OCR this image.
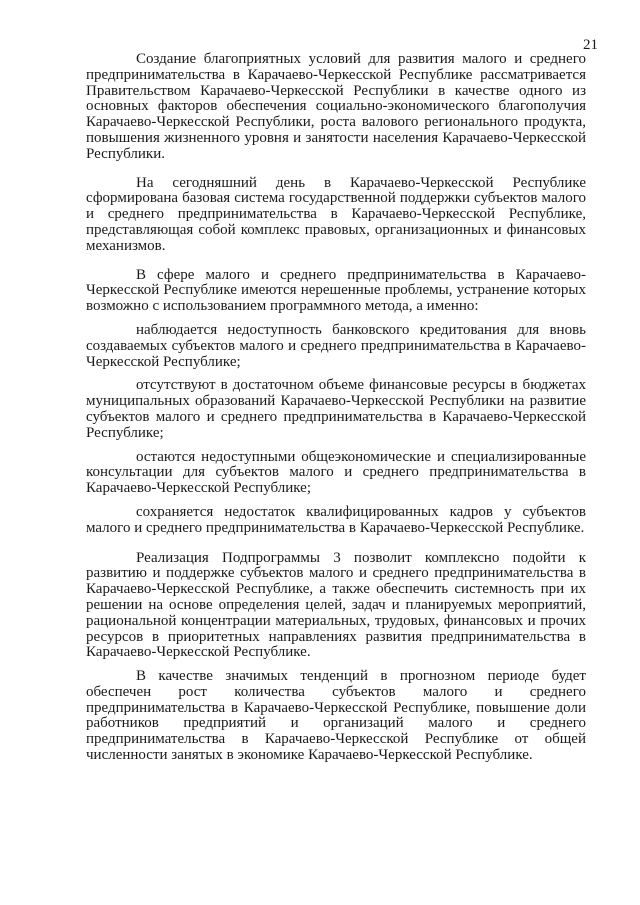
21

Создание благоприятных условий для развития малого и среднего предпринимательства в Карачаево-Черкесской Республике рассматривается Правительством Карачаево-Черкесской Республики в качестве одного из основных факторов обеспечения социально-экономического благополучия Карачаево-Черкесской Республики, роста валового регионального продукта, повышения жизненного уровня и занятости населения Карачаево-Черкесской Республики.

На сегодняшний день в Карачаево-Черкесской Республике сформирована базовая система государственной поддержки субъектов малого и среднего предпринимательства в Карачаево-Черкесской Республике, представляющая собой комплекс правовых, организационных и финансовых механизмов.

В сфере малого и среднего предпринимательства в Карачаево-Черкесской Республике имеются нерешенные проблемы, устранение которых возможно с использованием программного метода, а именно:

наблюдается недоступность банковского кредитования для вновь создаваемых субъектов малого и среднего предпринимательства в Карачаево-Черкесской Республике;

отсутствуют в достаточном объеме финансовые ресурсы в бюджетах муниципальных образований Карачаево-Черкесской Республики на развитие субъектов малого и среднего предпринимательства в Карачаево-Черкесской Республике;

остаются недоступными общеэкономические и специализированные консультации для субъектов малого и среднего предпринимательства в Карачаево-Черкесской Республике;

сохраняется недостаток квалифицированных кадров у субъектов малого и среднего предпринимательства в Карачаево-Черкесской Республике.

Реализация Подпрограммы 3 позволит комплексно подойти к развитию и поддержке субъектов малого и среднего предпринимательства в Карачаево-Черкесской Республике, а также обеспечить системность при их решении на основе определения целей, задач и планируемых мероприятий, рациональной концентрации материальных, трудовых, финансовых и прочих ресурсов в приоритетных направлениях развития предпринимательства в Карачаево-Черкесской Республике.

В качестве значимых тенденций в прогнозном периоде будет обеспечен рост количества субъектов малого и среднего предпринимательства в Карачаево-Черкесской Республике, повышение доли работников предприятий и организаций малого и среднего предпринимательства в Карачаево-Черкесской Республике от общей численности занятых в экономике Карачаево-Черкесской Республике.
